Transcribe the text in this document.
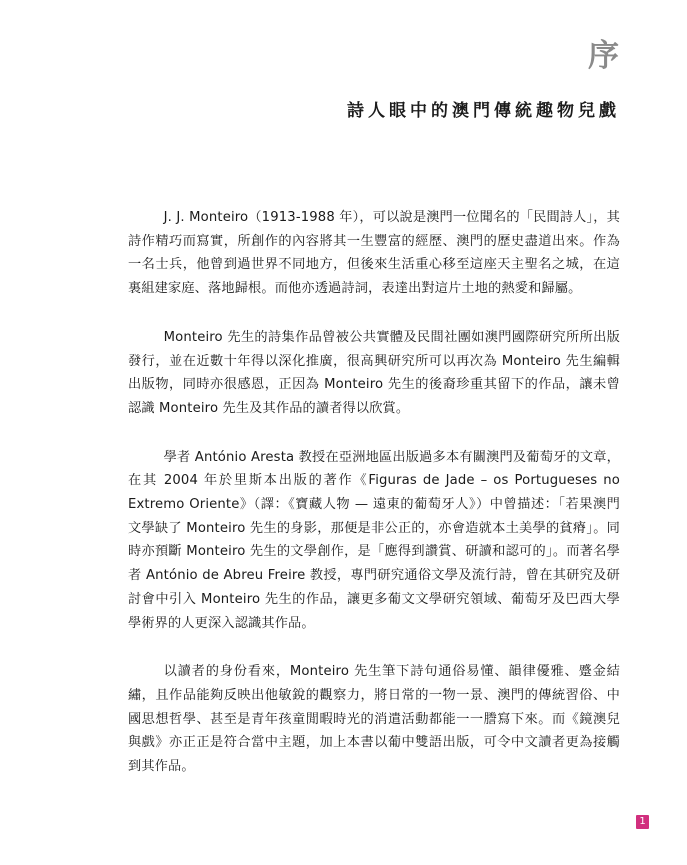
序
詩人眼中的澳門傳統趣物兒戲

J. J. Monteiro（1913-1988 年），可以說是澳門一位聞名的「民間詩人」，其詩作精巧而寫實，所創作的內容將其一生豐富的經歷、澳門的歷史盡道出來。作為一名士兵，他曾到過世界不同地方，但後來生活重心移至這座天主聖名之城，在這裏組建家庭、落地歸根。而他亦透過詩詞，表達出對這片土地的熱愛和歸屬。

Monteiro 先生的詩集作品曾被公共實體及民間社團如澳門國際研究所所出版發行，並在近數十年得以深化推廣，很高興研究所可以再次為 Monteiro 先生編輯出版物，同時亦很感恩，正因為 Monteiro 先生的後裔珍重其留下的作品，讓未曾認識 Monteiro 先生及其作品的讀者得以欣賞。

學者 António Aresta 教授在亞洲地區出版過多本有關澳門及葡萄牙的文章，在其 2004 年於里斯本出版的著作《Figuras de Jade – os Portugueses no Extremo Oriente》（譯：《寶藏人物 — 遠東的葡萄牙人》）中曾描述：「若果澳門文學缺了 Monteiro 先生的身影，那便是非公正的，亦會造就本土美學的貧瘠」。同時亦預斷 Monteiro 先生的文學創作，是「應得到讚賞、研讀和認可的」。而著名學者 António de Abreu Freire 教授，專門研究通俗文學及流行詩，曾在其研究及研討會中引入 Monteiro 先生的作品，讓更多葡文文學研究領域、葡萄牙及巴西大學學術界的人更深入認識其作品。

以讀者的身份看來，Monteiro 先生筆下詩句通俗易懂、韻律優雅、蹙金結繡，且作品能夠反映出他敏銳的觀察力，將日常的一物一景、澳門的傳統習俗、中國思想哲學、甚至是青年孩童閒暇時光的消遣活動都能一一謄寫下來。而《鏡澳兒與戲》亦正正是符合當中主題，加上本書以葡中雙語出版，可令中文讀者更為接觸到其作品。

1
